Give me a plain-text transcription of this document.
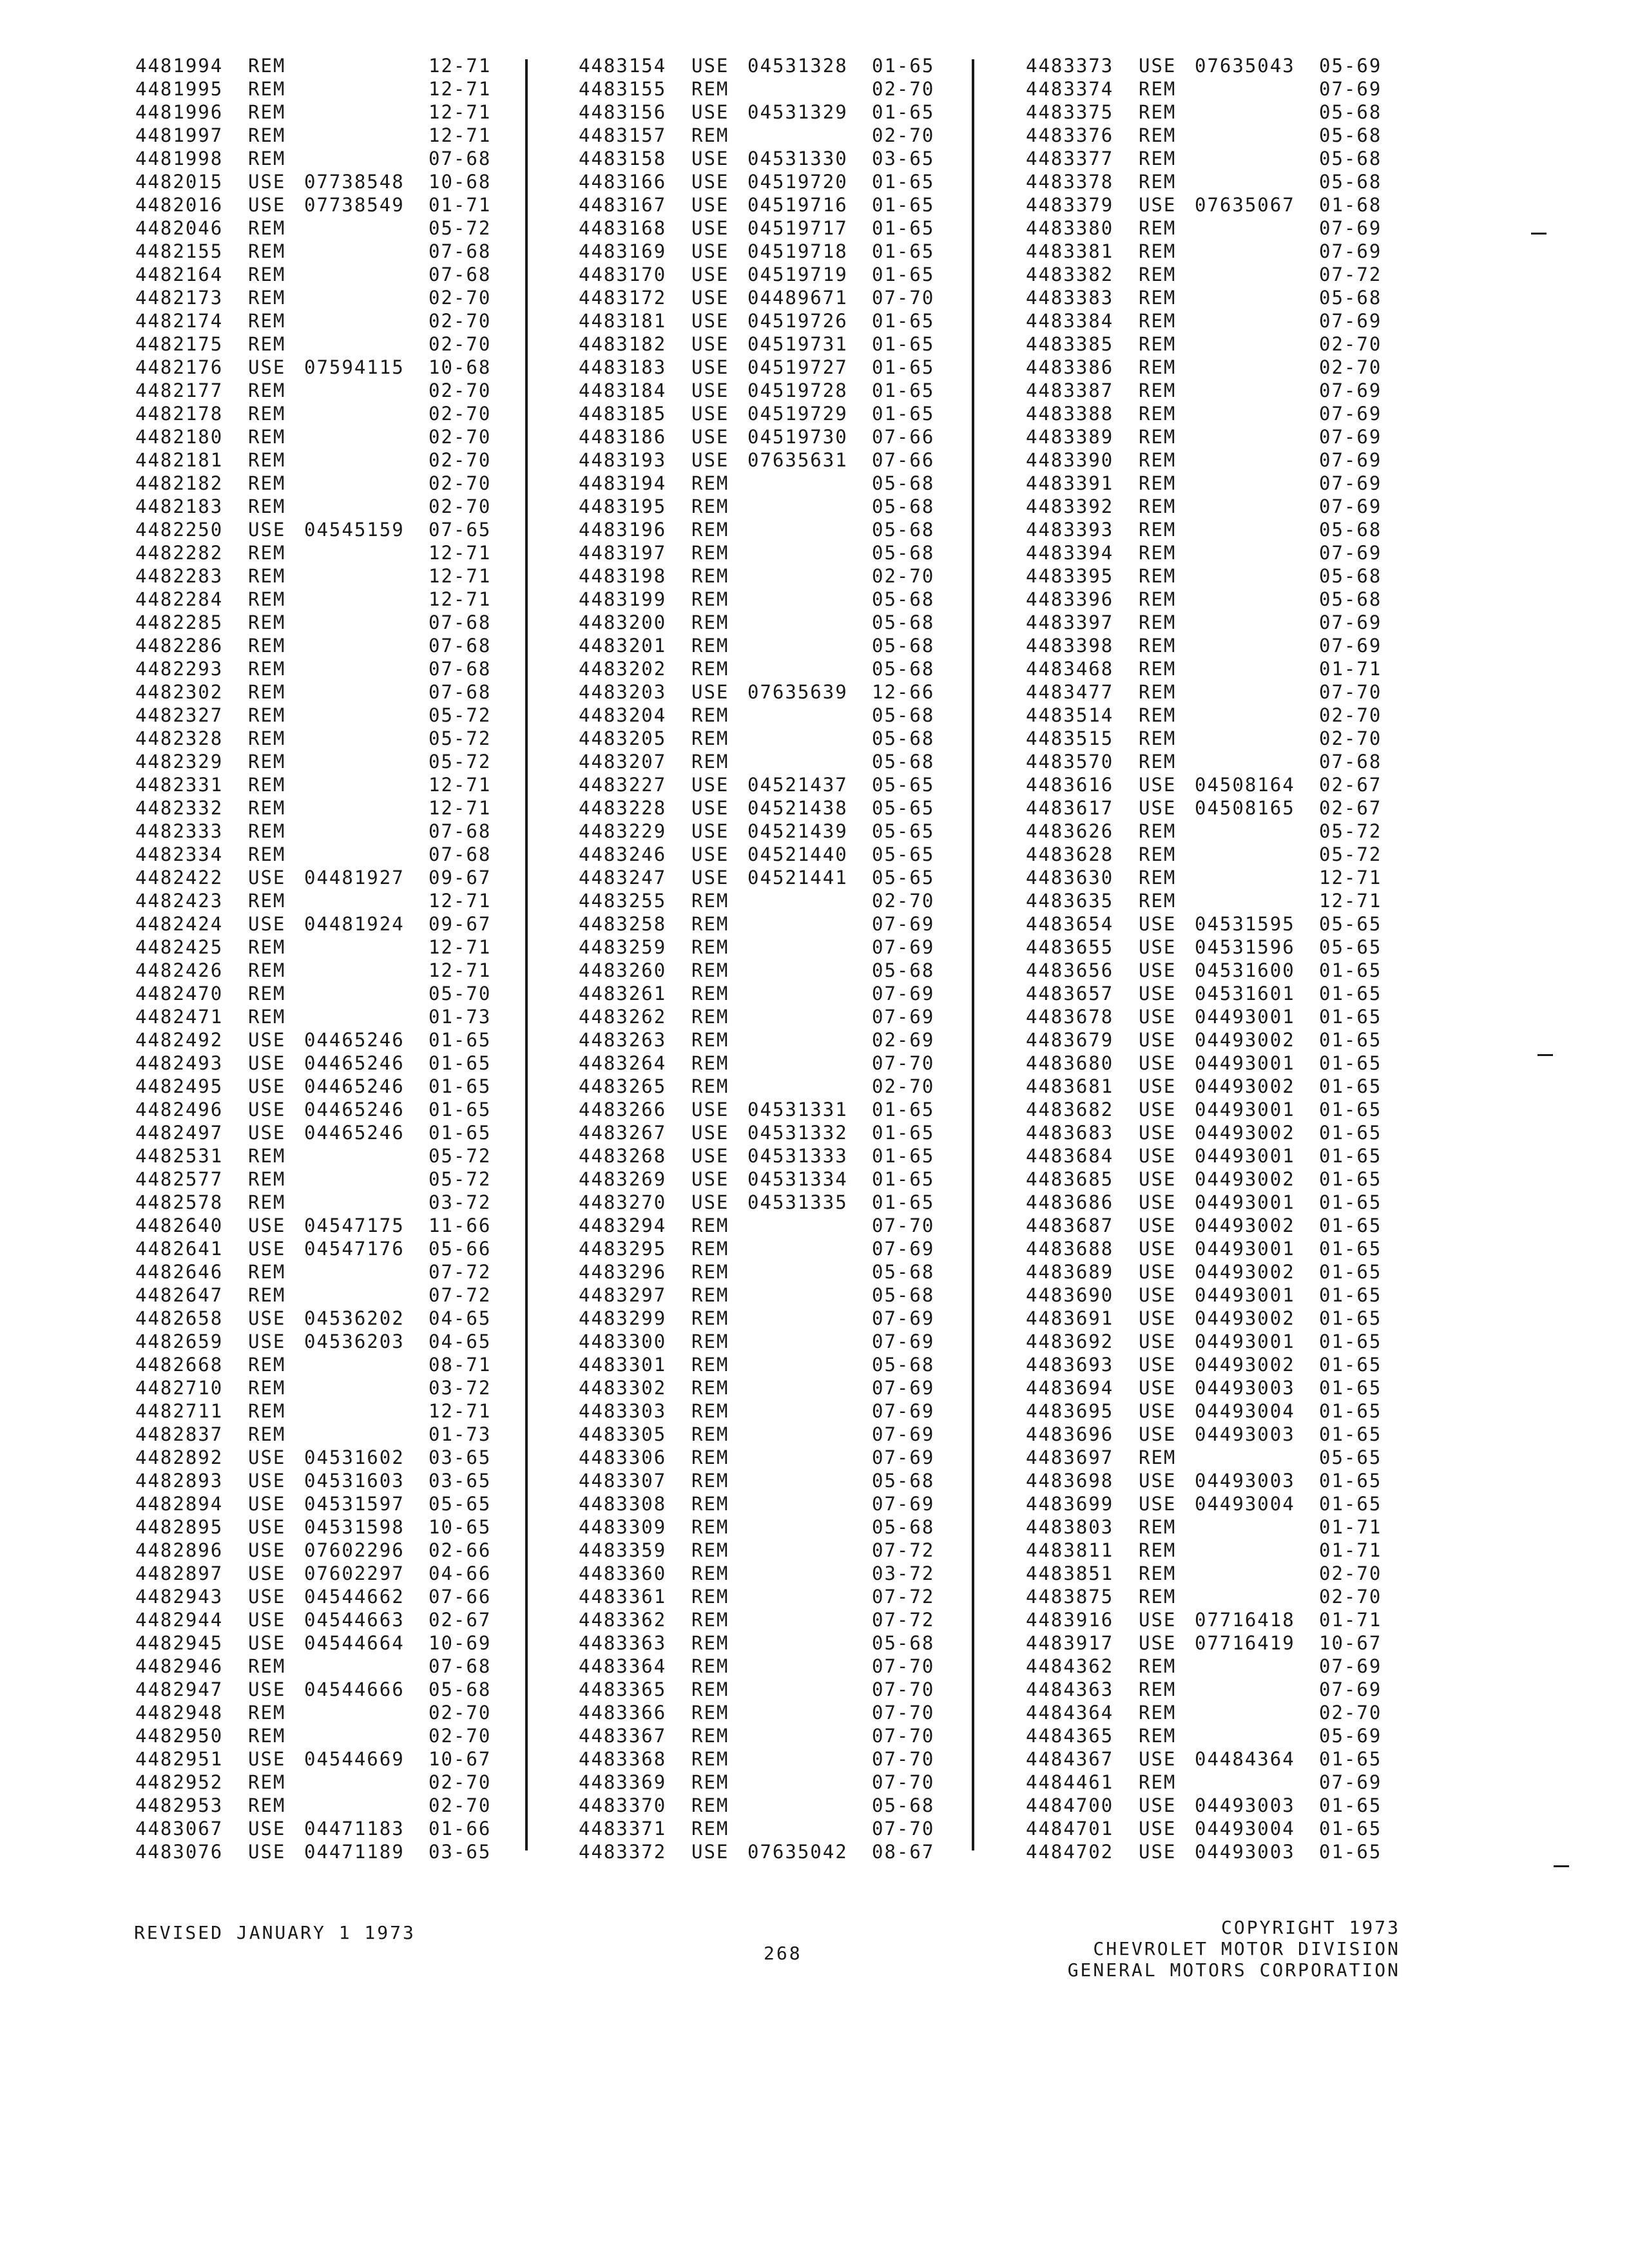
4481994 REM	12-71
4481995 REM	12-71
4481996 REM	12-71
4481997 REM	12-71
4481998 REM	07-68
4482015 USE 07738548 10-68
4482016 USE 07738549 01-71
4482046 REM	05-72
4482155 REM	07-68
4482164 REM	07-68
4482173 REM	02-70
4482174 REM	02-70
4482175 REM	02-70
4482176 USE 07594115 10-68
4482177 REM	02-70
4482178 REM	02-70
4482180 REM	02-70
4482181 REM	02-70
4482182 REM	02-70
4482183 REM	02-70
4482250 USE 04545159 07-65
4482282 REM	12-71
4482283 REM	12-71
4482284 REM	12-71
4482285 REM	07-68
4482286 REM	07-68
4482293 REM	07-68
4482302 REM	07-68
4482327 REM	05-72
4482328 REM	05-72
4482329 REM	05-72
4482331 REM	12-71
4482332 REM	12-71
4482333 REM	07-68
4482334 REM	07-68
4482422 USE 04481927 09-67
4482423 REM	12-71
4482424 USE 04481924 09-67
4482425 REM	12-71
4482426 REM	12-71
4482470 REM	05-70
4482471 REM	01-73
4482492 USE 04465246 01-65
4482493 USE 04465246 01-65
4482495 USE 04465246 01-65
4482496 USE 04465246 01-65
4482497 USE 04465246 01-65
4482531 REM	05-72
4482577 REM	05-72
4482578 REM	03-72
4482640 USE 04547175 11-66
4482641 USE 04547176 05-66
4482646 REM	07-72
4482647 REM	07-72
4482658 USE 04536202 04-65
4482659 USE 04536203 04-65
4482668 REM	08-71
4482710 REM	03-72
4482711 REM	12-71
4482837 REM	01-73
4482892 USE 04531602 03-65
4482893 USE 04531603 03-65
4482894 USE 04531597 05-65
4482895 USE 04531598 10-65
4482896 USE 07602296 02-66
4482897 USE 07602297 04-66
4482943 USE 04544662 07-66
4482944 USE 04544663 02-67
4482945 USE 04544664 10-69
4482946 REM	07-68
4482947 USE 04544666 05-68
4482948 REM	02-70
4482950 REM	02-70
4482951 USE 04544669 10-67
4482952 REM	02-70
4482953 REM	02-70
4483067 USE 04471183 01-66
4483076 USE 04471189 03-65
4483154 USE 04531328 01-65
4483155 REM	02-70
4483156 USE 04531329 01-65
4483157 REM	02-70
4483158 USE 04531330 03-65
4483166 USE 04519720 01-65
4483167 USE 04519716 01-65
4483168 USE 04519717 01-65
4483169 USE 04519718 01-65
4483170 USE 04519719 01-65
4483172 USE 04489671 07-70
4483181 USE 04519726 01-65
4483182 USE 04519731 01-65
4483183 USE 04519727 01-65
4483184 USE 04519728 01-65
4483185 USE 04519729 01-65
4483186 USE 04519730 07-66
4483193 USE 07635631 07-66
4483194 REM	05-68
4483195 REM	05-68
4483196 REM	05-68
4483197 REM	05-68
4483198 REM	02-70
4483199 REM	05-68
4483200 REM	05-68
4483201 REM	05-68
4483202 REM	05-68
4483203 USE 07635639 12-66
4483204 REM	05-68
4483205 REM	05-68
4483207 REM	05-68
4483227 USE 04521437 05-65
4483228 USE 04521438 05-65
4483229 USE 04521439 05-65
4483246 USE 04521440 05-65
4483247 USE 04521441 05-65
4483255 REM	02-70
4483258 REM	07-69
4483259 REM	07-69
4483260 REM	05-68
4483261 REM	07-69
4483262 REM	07-69
4483263 REM	02-69
4483264 REM	07-70
4483265 REM	02-70
4483266 USE 04531331 01-65
4483267 USE 04531332 01-65
4483268 USE 04531333 01-65
4483269 USE 04531334 01-65
4483270 USE 04531335 01-65
4483294 REM	07-70
4483295 REM	07-69
4483296 REM	05-68
4483297 REM	05-68
4483299 REM	07-69
4483300 REM	07-69
4483301 REM	05-68
4483302 REM	07-69
4483303 REM	07-69
4483305 REM	07-69
4483306 REM	07-69
4483307 REM	05-68
4483308 REM	07-69
4483309 REM	05-68
4483359 REM	07-72
4483360 REM	03-72
4483361 REM	07-72
4483362 REM	07-72
4483363 REM	05-68
4483364 REM	07-70
4483365 REM	07-70
4483366 REM	07-70
4483367 REM	07-70
4483368 REM	07-70
4483369 REM	07-70
4483370 REM	05-68
4483371 REM	07-70
4483372 USE 07635042 08-67
4483373 USE 07635043 05-69
4483374 REM	07-69
4483375 REM	05-68
4483376 REM	05-68
4483377 REM	05-68
4483378 REM	05-68
4483379 USE 07635067 01-68
4483380 REM	07-69
4483381 REM	07-69
4483382 REM	07-72
4483383 REM	05-68
4483384 REM	07-69
4483385 REM	02-70
4483386 REM	02-70
4483387 REM	07-69
4483388 REM	07-69
4483389 REM	07-69
4483390 REM	07-69
4483391 REM	07-69
4483392 REM	07-69
4483393 REM	05-68
4483394 REM	07-69
4483395 REM	05-68
4483396 REM	05-68
4483397 REM	07-69
4483398 REM	07-69
4483468 REM	01-71
4483477 REM	07-70
4483514 REM	02-70
4483515 REM	02-70
4483570 REM	07-68
4483616 USE 04508164 02-67
4483617 USE 04508165 02-67
4483626 REM	05-72
4483628 REM	05-72
4483630 REM	12-71
4483635 REM	12-71
4483654 USE 04531595 05-65
4483655 USE 04531596 05-65
4483656 USE 04531600 01-65
4483657 USE 04531601 01-65
4483678 USE 04493001 01-65
4483679 USE 04493002 01-65
4483680 USE 04493001 01-65
4483681 USE 04493002 01-65
4483682 USE 04493001 01-65
4483683 USE 04493002 01-65
4483684 USE 04493001 01-65
4483685 USE 04493002 01-65
4483686 USE 04493001 01-65
4483687 USE 04493002 01-65
4483688 USE 04493001 01-65
4483689 USE 04493002 01-65
4483690 USE 04493001 01-65
4483691 USE 04493002 01-65
4483692 USE 04493001 01-65
4483693 USE 04493002 01-65
4483694 USE 04493003 01-65
4483695 USE 04493004 01-65
4483696 USE 04493003 01-65
4483697 REM	05-65
4483698 USE 04493003 01-65
4483699 USE 04493004 01-65
4483803 REM	01-71
4483811 REM	01-71
4483851 REM	02-70
4483875 REM	02-70
4483916 USE 07716418 01-71
4483917 USE 07716419 10-67
4484362 REM	07-69
4484363 REM	07-69
4484364 REM	02-70
4484365 REM	05-69
4484367 USE 04484364 01-65
4484461 REM	07-69
4484700 USE 04493003 01-65
4484701 USE 04493004 01-65
4484702 USE 04493003 01-65
REVISED JANUARY 1 1973
268
COPYRIGHT 1973
CHEVROLET MOTOR DIVISION
GENERAL MOTORS CORPORATION
